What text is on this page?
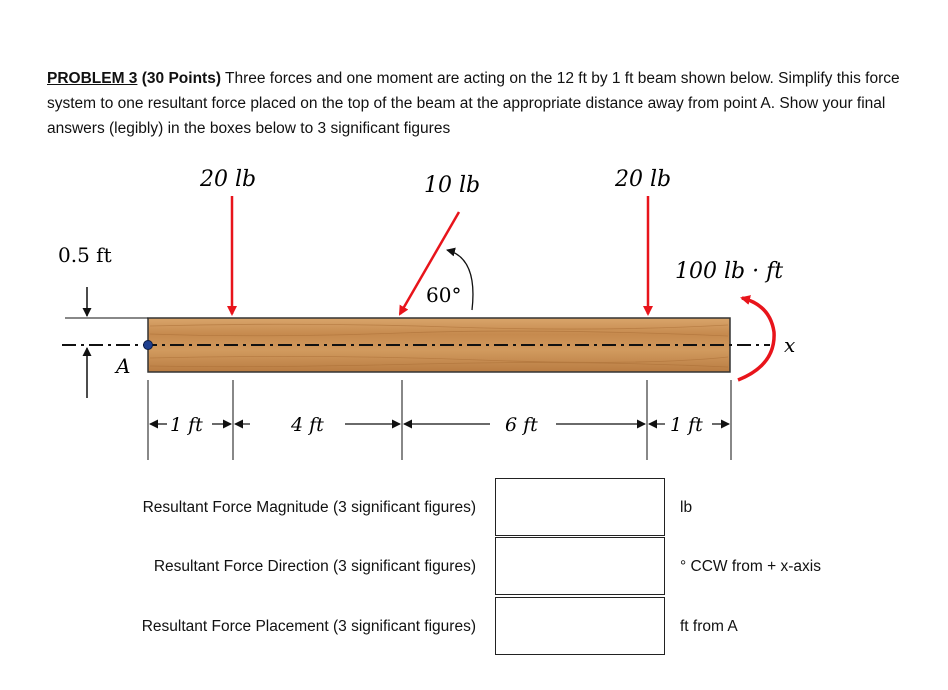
PROBLEM 3 (30 Points) Three forces and one moment are acting on the 12 ft by 1 ft beam shown below. Simplify this force system to one resultant force placed on the top of the beam at the appropriate distance away from point A. Show your final answers (legibly) in the boxes below to 3 significant figures
0.5 ft
A
20 lb	10 lb
60°
20 lb
100 lb · ft
x
1 ft	4 ft	6 ft	1 ft
Resultant Force Magnitude (3 significant figures)	lb
Resultant Force Direction (3 significant figures)	° CCW from + x-axis
Resultant Force Placement (3 significant figures)	ft from A
